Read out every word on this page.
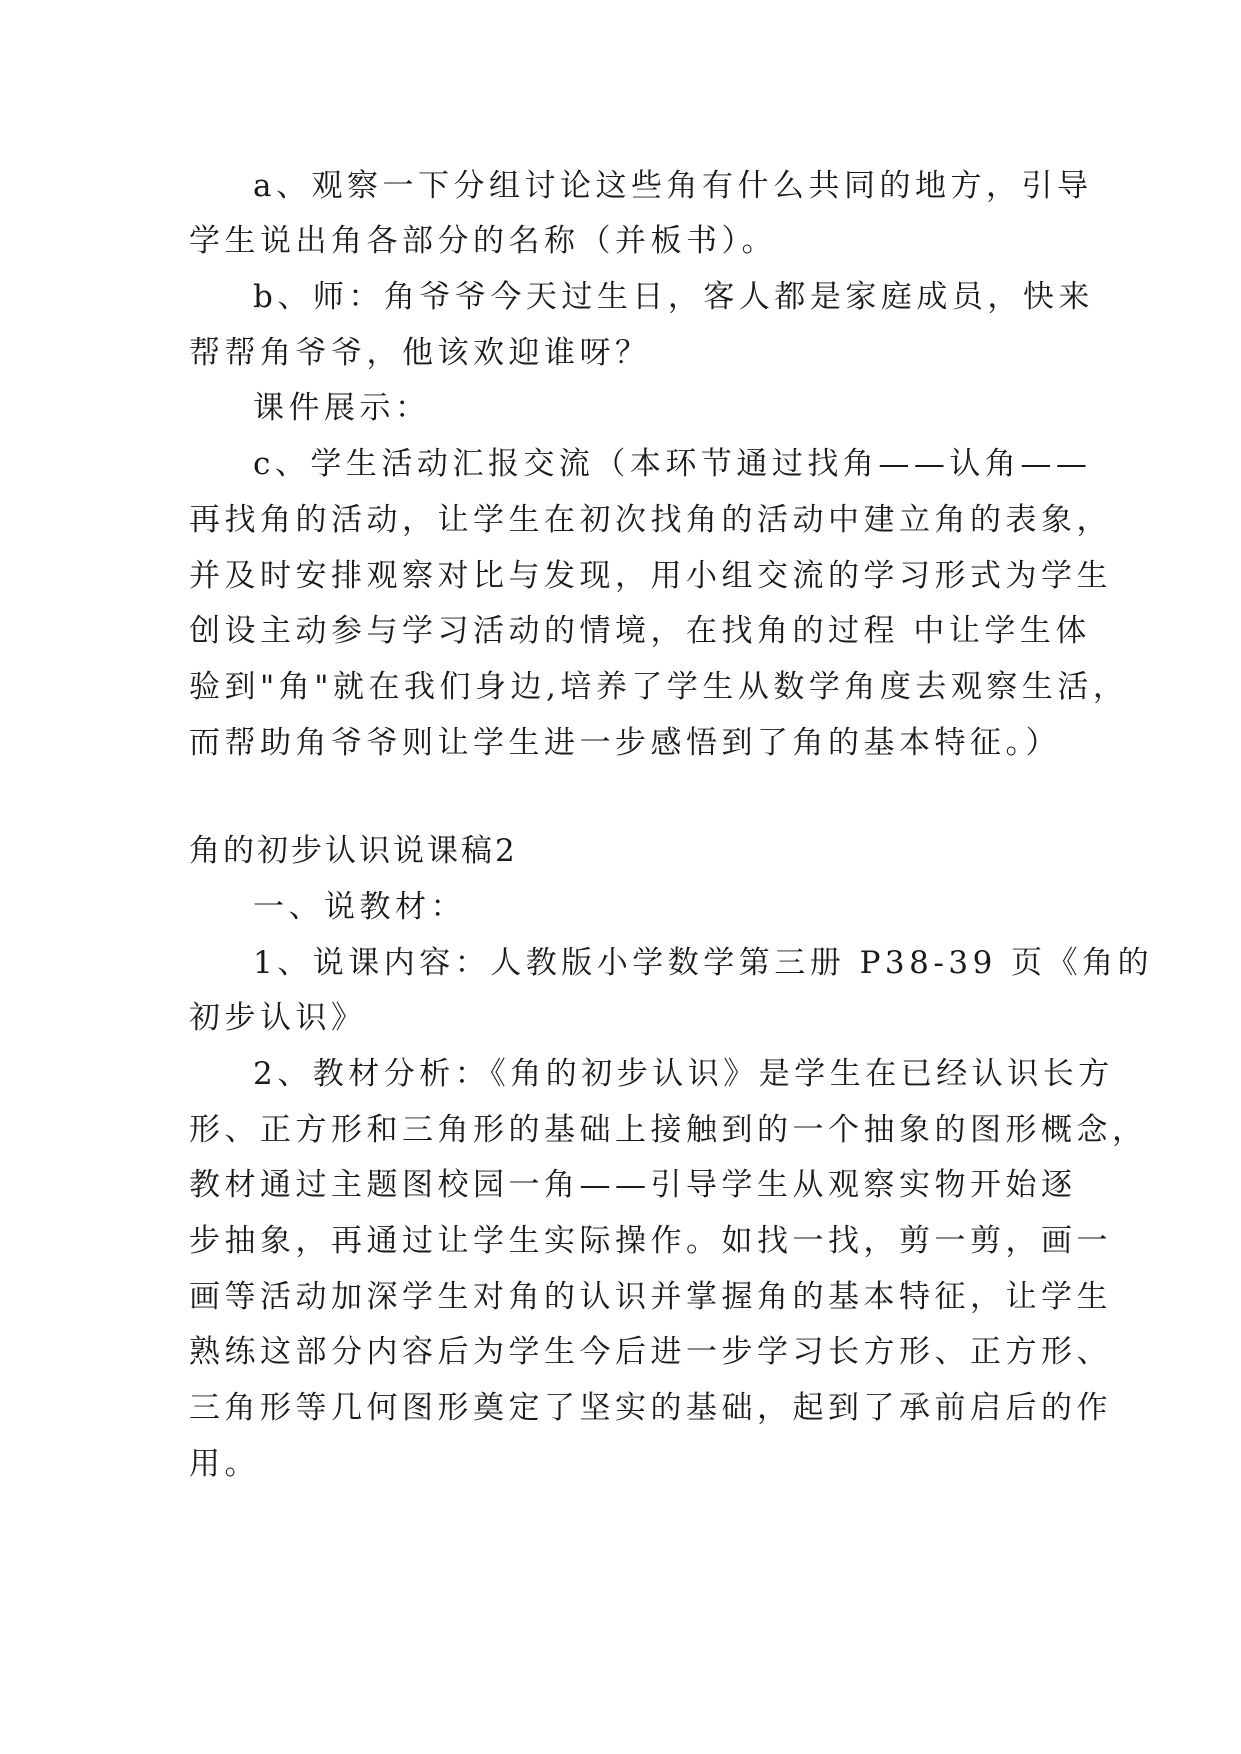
a、观察一下分组讨论这些角有什么共同的地方，引导
学生说出角各部分的名称（并板书）。
b、师：角爷爷今天过生日，客人都是家庭成员，快来
帮帮角爷爷，他该欢迎谁呀？
课件展示：
c、学生活动汇报交流（本环节通过找角——认角——
再找角的活动，让学生在初次找角的活动中建立角的表象，
并及时安排观察对比与发现，用小组交流的学习形式为学生
创设主动参与学习活动的情境，在找角的过程 中让学生体
验到"角"就在我们身边,培养了学生从数学角度去观察生活，
而帮助角爷爷则让学生进一步感悟到了角的基本特征。）
角的初步认识说课稿2
一、说教材：
1、说课内容：人教版小学数学第三册 P38-39 页《角的
初步认识》
2、教材分析：《角的初步认识》是学生在已经认识长方
形、正方形和三角形的基础上接触到的一个抽象的图形概念，
教材通过主题图校园一角——引导学生从观察实物开始逐
步抽象，再通过让学生实际操作。如找一找，剪一剪，画一
画等活动加深学生对角的认识并掌握角的基本特征，让学生
熟练这部分内容后为学生今后进一步学习长方形、正方形、
三角形等几何图形奠定了坚实的基础，起到了承前启后的作
用。
